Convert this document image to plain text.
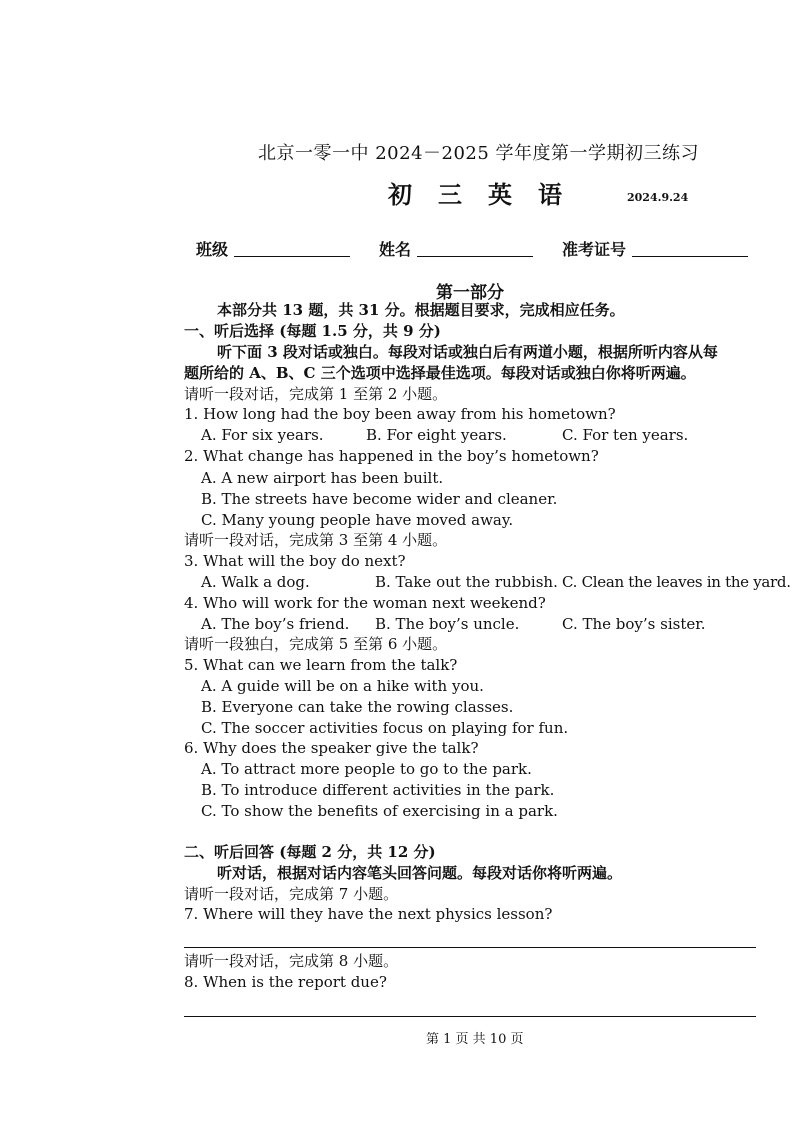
北京一零一中 2024－2025 学年度第一学期初三练习
初三英语	2024.9.24
班级	姓名	准考证号
第一部分
本部分共 13 题，共 31 分。根据题目要求，完成相应任务。
一、听后选择 (每题 1.5 分，共 9 分)
听下面 3 段对话或独白。每段对话或独白后有两道小题，根据所听内容从每
题所给的 A、B、C 三个选项中选择最佳选项。每段对话或独白你将听两遍。
请听一段对话，完成第 1 至第 2 小题。
1. How long had the boy been away from his hometown?
A. For six years.	B. For eight years.	C. For ten years.
2. What change has happened in the boy’s hometown?
A. A new airport has been built.
B. The streets have become wider and cleaner.
C. Many young people have moved away.
请听一段对话，完成第 3 至第 4 小题。
3. What will the boy do next?
A. Walk a dog.	B. Take out the rubbish. C. Clean the leaves in the yard.
4. Who will work for the woman next weekend?
A. The boy’s friend. B. The boy’s uncle.	C. The boy’s sister.
请听一段独白，完成第 5 至第 6 小题。
5. What can we learn from the talk?
A. A guide will be on a hike with you.
B. Everyone can take the rowing classes.
C. The soccer activities focus on playing for fun.
6. Why does the speaker give the talk?
A. To attract more people to go to the park.
B. To introduce different activities in the park.
C. To show the benefits of exercising in a park.
二、听后回答 (每题 2 分，共 12 分)
听对话，根据对话内容笔头回答问题。每段对话你将听两遍。
请听一段对话，完成第 7 小题。
7. Where will they have the next physics lesson?
请听一段对话，完成第 8 小题。
8. When is the report due?
第 1 页 共 10 页
